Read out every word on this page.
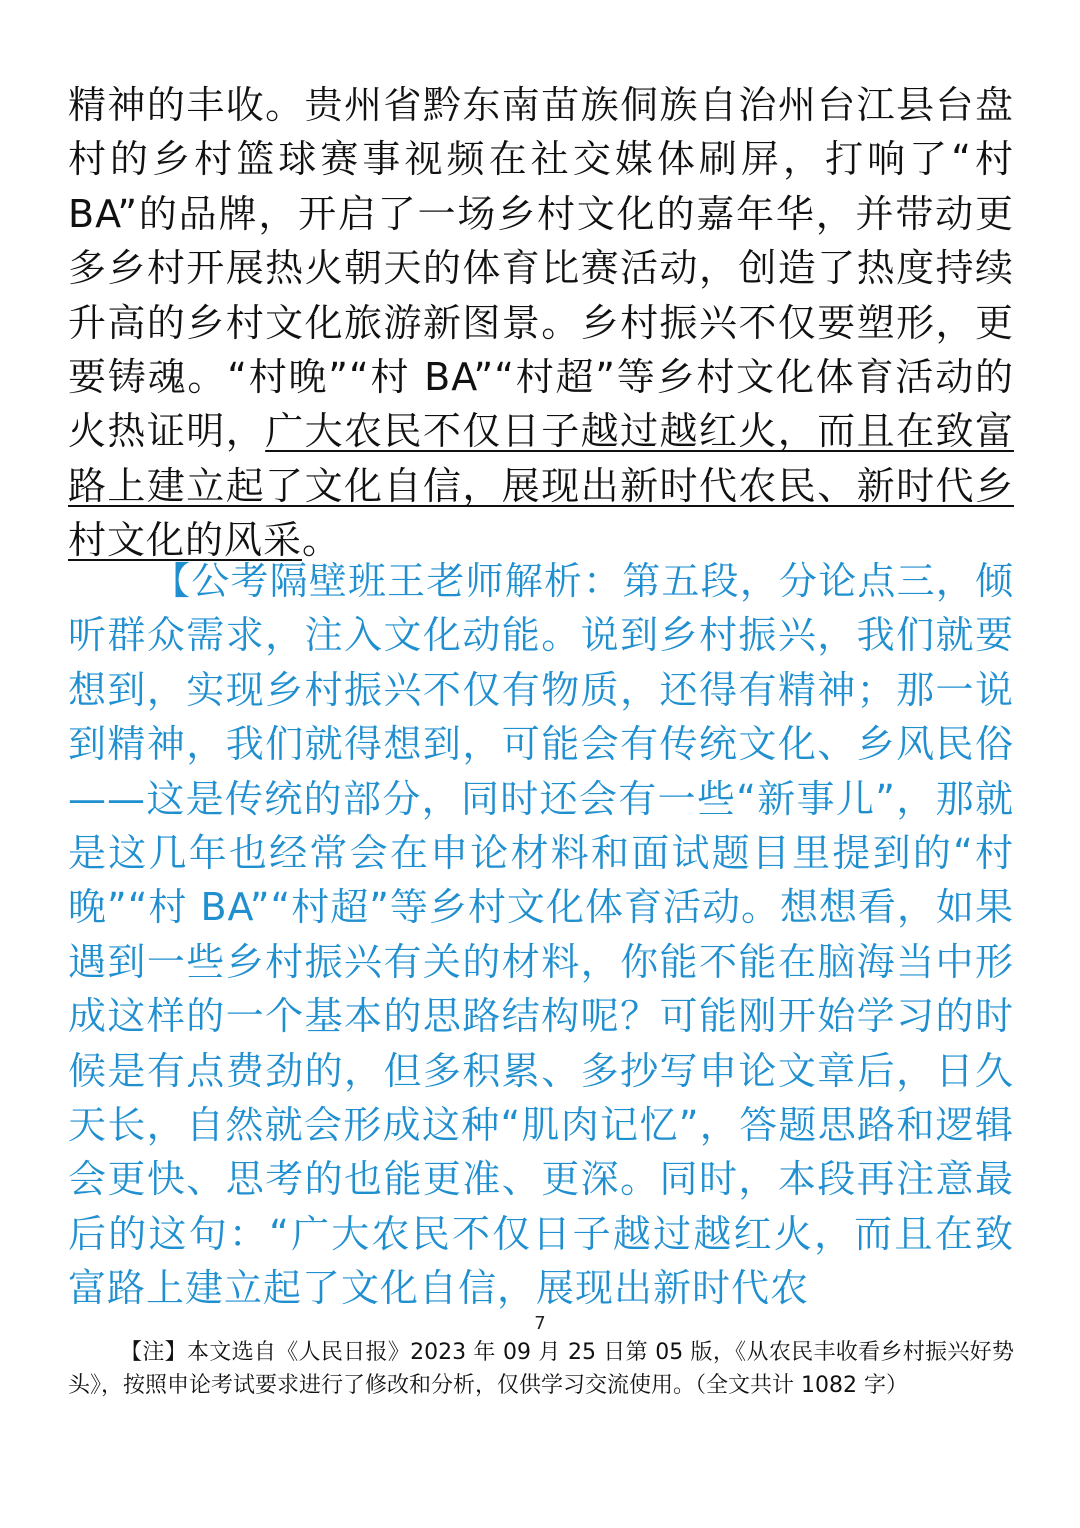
精神的丰收。贵州省黔东南苗族侗族自治州台江县台盘村的乡村篮球赛事视频在社交媒体刷屏，打响了“村BA”的品牌，开启了一场乡村文化的嘉年华，并带动更多乡村开展热火朝天的体育比赛活动，创造了热度持续升高的乡村文化旅游新图景。乡村振兴不仅要塑形，更要铸魂。“村晚”“村 BA”“村超”等乡村文化体育活动的火热证明，广大农民不仅日子越过越红火，而且在致富路上建立起了文化自信，展现出新时代农民、新时代乡村文化的风采。

【公考隔壁班王老师解析：第五段，分论点三，倾听群众需求，注入文化动能。说到乡村振兴，我们就要想到，实现乡村振兴不仅有物质，还得有精神；那一说到精神，我们就得想到，可能会有传统文化、乡风民俗——这是传统的部分，同时还会有一些“新事儿”，那就是这几年也经常会在申论材料和面试题目里提到的“村晚”“村 BA”“村超”等乡村文化体育活动。想想看，如果遇到一些乡村振兴有关的材料，你能不能在脑海当中形成这样的一个基本的思路结构呢？可能刚开始学习的时候是有点费劲的，但多积累、多抄写申论文章后，日久天长，自然就会形成这种“肌肉记忆”，答题思路和逻辑会更快、思考的也能更准、更深。同时，本段再注意最后的这句：“广大农民不仅日子越过越红火，而且在致富路上建立起了文化自信，展现出新时代农

7

【注】本文选自《人民日报》2023 年 09 月 25 日第 05 版，《从农民丰收看乡村振兴好势头》，按照申论考试要求进行了修改和分析，仅供学习交流使用。（全文共计 1082 字）
